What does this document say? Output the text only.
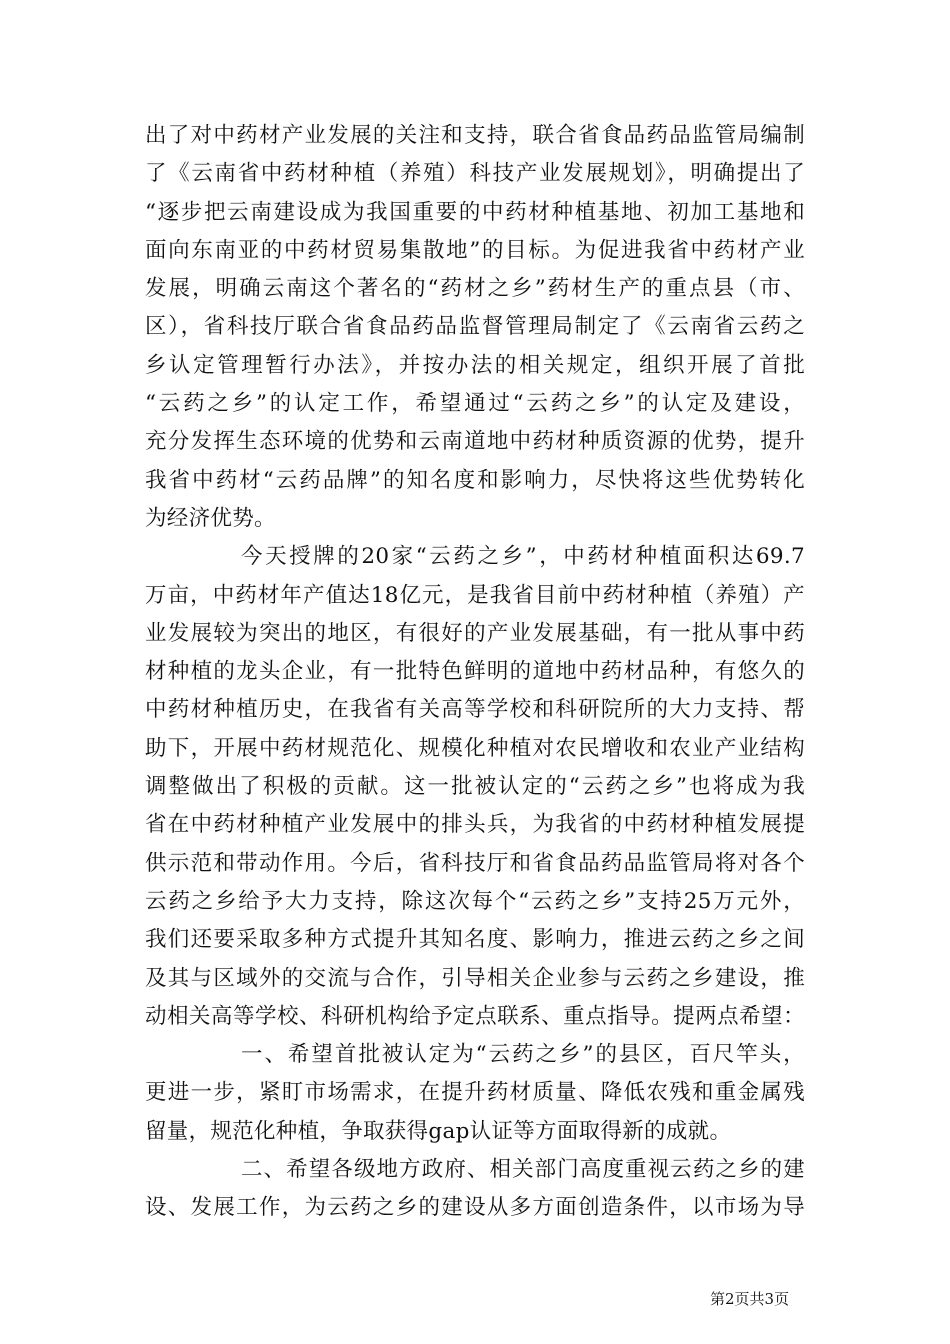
出了对中药材产业发展的关注和支持，联合省食品药品监管局编制
了《云南省中药材种植（养殖）科技产业发展规划》，明确提出了
“逐步把云南建设成为我国重要的中药材种植基地、初加工基地和
面向东南亚的中药材贸易集散地”的目标。为促进我省中药材产业
发展，明确云南这个著名的“药材之乡”药材生产的重点县（市、
区），省科技厅联合省食品药品监督管理局制定了《云南省云药之
乡认定管理暂行办法》，并按办法的相关规定，组织开展了首批
“云药之乡”的认定工作，希望通过“云药之乡”的认定及建设，
充分发挥生态环境的优势和云南道地中药材种质资源的优势，提升
我省中药材“云药品牌”的知名度和影响力，尽快将这些优势转化
为经济优势。
今天授牌的20家“云药之乡”，中药材种植面积达69.7
万亩，中药材年产值达18亿元，是我省目前中药材种植（养殖）产
业发展较为突出的地区，有很好的产业发展基础，有一批从事中药
材种植的龙头企业，有一批特色鲜明的道地中药材品种，有悠久的
中药材种植历史，在我省有关高等学校和科研院所的大力支持、帮
助下，开展中药材规范化、规模化种植对农民增收和农业产业结构
调整做出了积极的贡献。这一批被认定的“云药之乡”也将成为我
省在中药材种植产业发展中的排头兵，为我省的中药材种植发展提
供示范和带动作用。今后，省科技厅和省食品药品监管局将对各个
云药之乡给予大力支持，除这次每个“云药之乡”支持25万元外，
我们还要采取多种方式提升其知名度、影响力，推进云药之乡之间
及其与区域外的交流与合作，引导相关企业参与云药之乡建设，推
动相关高等学校、科研机构给予定点联系、重点指导。提两点希望：
一、希望首批被认定为“云药之乡”的县区，百尺竿头，
更进一步，紧盯市场需求，在提升药材质量、降低农残和重金属残
留量，规范化种植，争取获得gap认证等方面取得新的成就。
二、希望各级地方政府、相关部门高度重视云药之乡的建
设、发展工作，为云药之乡的建设从多方面创造条件，以市场为导
第2页共3页
